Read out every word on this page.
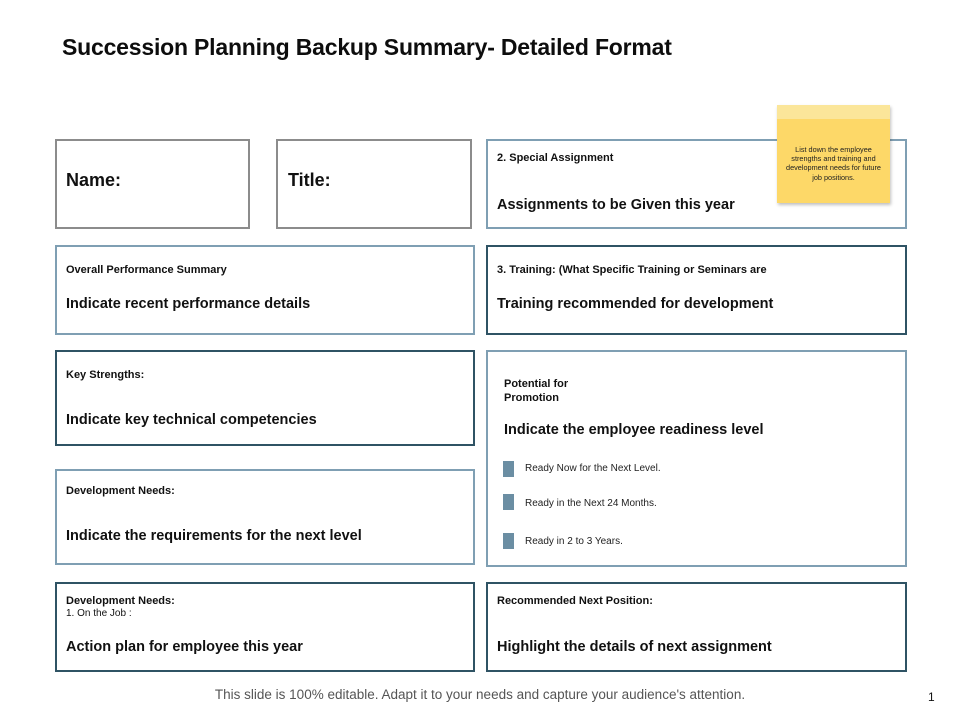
Succession Planning Backup Summary- Detailed Format
Name:	Title:
2. Special Assignment
Assignments to be Given this year
List down the employee strengths and training and development needs for future job positions.
Overall Performance Summary
Indicate recent performance details
3. Training: (What Specific Training or Seminars are
Training recommended for development
Key Strengths:
Indicate key technical competencies
Potential for
Promotion
Indicate the employee readiness level
Ready Now for the Next Level.
Ready in the Next 24 Months.
Ready in 2 to 3 Years.
Development Needs:
Indicate the requirements for the next level
Development Needs:
1. On the Job :
Action plan for employee this year
Recommended Next Position:
Highlight the details of next assignment
This slide is 100% editable. Adapt it to your needs and capture your audience's attention.	1
